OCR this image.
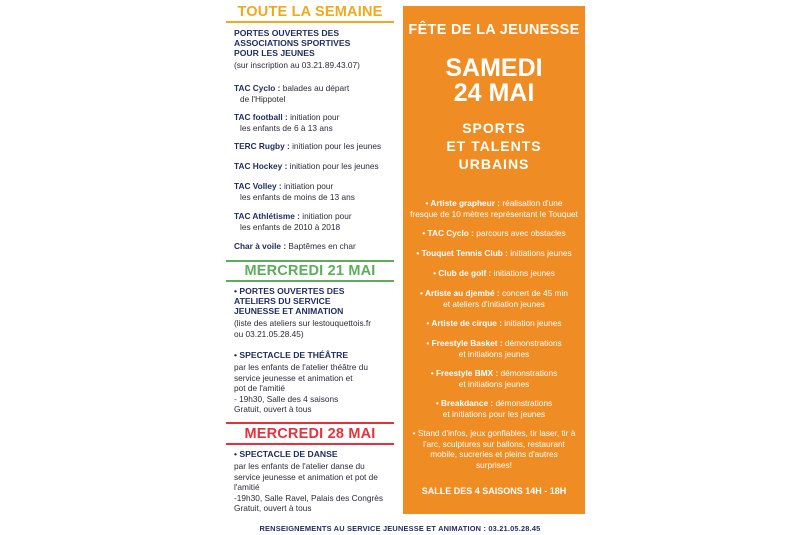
TOUTE LA SEMAINE
PORTES OUVERTES DES
ASSOCIATIONS SPORTIVES
POUR LES JEUNES
(sur inscription au 03.21.89.43.07)
TAC Cyclo : balades au départ
de l'Hippotel
TAC football : initiation pour
les enfants de 6 à 13 ans
TERC Rugby : initiation pour les jeunes
TAC Hockey : initiation pour les jeunes
TAC Volley : initiation pour
les enfants de moins de 13 ans
TAC Athlétisme : initiation pour
les enfants de 2010 à 2018
Char à voile : Baptêmes en char
MERCREDI 21 MAI
• PORTES OUVERTES DES
ATELIERS DU SERVICE
JEUNESSE ET ANIMATION
(liste des ateliers sur lestouquettois.fr
ou 03.21.05.28.45)
• SPECTACLE DE THÉÂTRE
par les enfants de l'atelier théâtre du
service jeunesse et animation et
pot de l'amitié
- 19h30, Salle des 4 saisons
Gratuit, ouvert à tous
MERCREDI 28 MAI
• SPECTACLE DE DANSE
par les enfants de l'atelier danse du
service jeunesse et animation et pot de
l'amitié
-19h30, Salle Ravel, Palais des Congrès
Gratuit, ouvert à tous
FÊTE DE LA JEUNESSE
SAMEDI
24 MAI
SPORTS
ET TALENTS
URBAINS
• Artiste grapheur : réalisation d'une
fresque de 10 mètres représentant le Touquet
• TAC Cyclo : parcours avec obstacles
• Touquet Tennis Club : initiations jeunes
• Club de golf : initiations jeunes
• Artiste au djembé : concert de 45 min
et ateliers d'initiation jeunes
• Artiste de cirque : initiation jeunes
• Freestyle Basket : démonstrations
et initiations jeunes
• Freestyle BMX : démonstrations
et initiations jeunes
• Breakdance : démonstrations
et initiations pour les jeunes
• Stand d'infos, jeux gonflables, tir laser, tir à
l'arc, sculptures sur ballons, restaurant
mobile, sucreries et pleins d'autres
surprises!
SALLE DES 4 SAISONS 14H - 18H
RENSEIGNEMENTS AU SERVICE JEUNESSE ET ANIMATION : 03.21.05.28.45
